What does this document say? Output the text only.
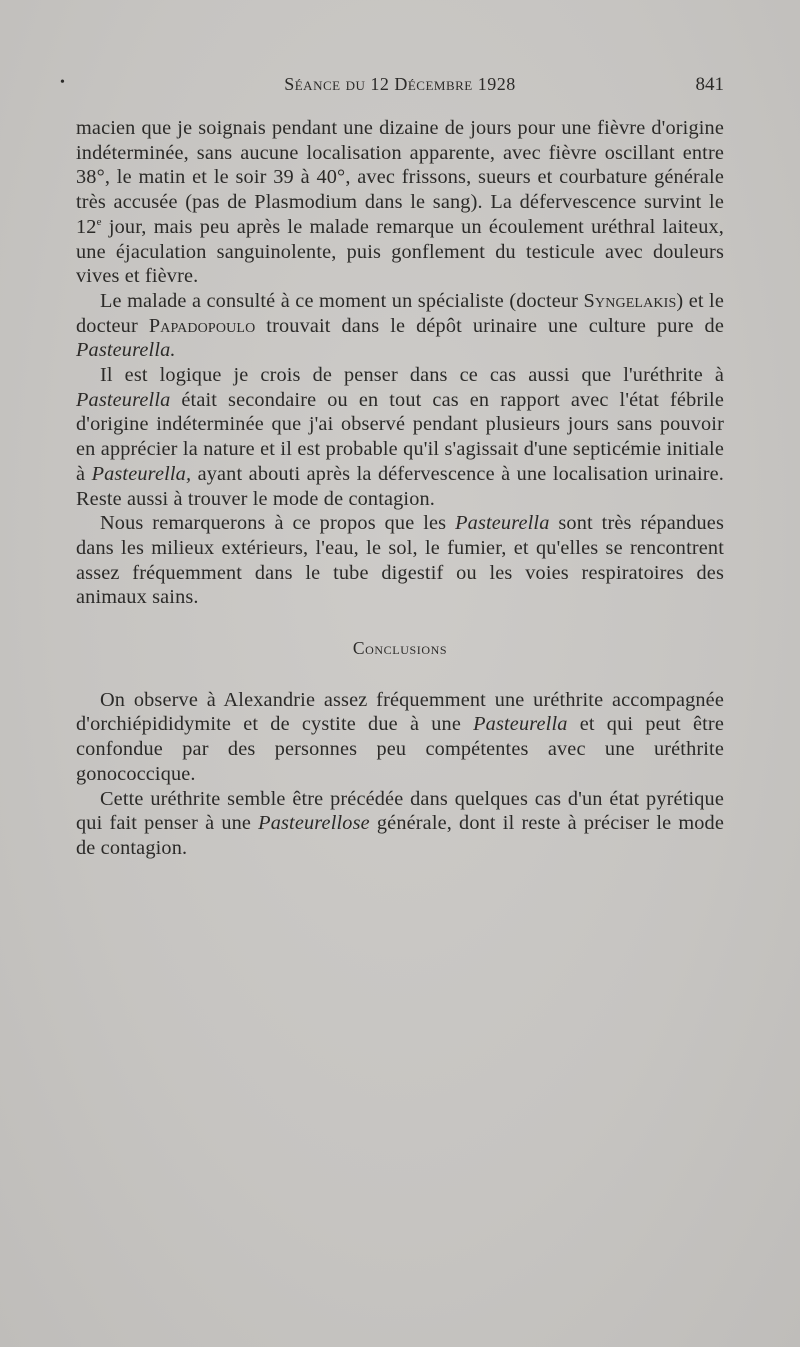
•	Séance du 12 Décembre 1928	841

macien que je soignais pendant une dizaine de jours pour une fièvre d'origine indéterminée, sans aucune localisation apparente, avec fièvre oscillant entre 38°, le matin et le soir 39 à 40°, avec frissons, sueurs et courbature générale très accusée (pas de Plasmodium dans le sang). La défervescence survint le 12e jour, mais peu après le malade remarque un écoulement uréthral laiteux, une éjaculation sanguinolente, puis gonflement du testicule avec douleurs vives et fièvre.

Le malade a consulté à ce moment un spécialiste (docteur Syngelakis) et le docteur Papadopoulo trouvait dans le dépôt urinaire une culture pure de Pasteurella.

Il est logique je crois de penser dans ce cas aussi que l'uréthrite à Pasteurella était secondaire ou en tout cas en rapport avec l'état fébrile d'origine indéterminée que j'ai observé pendant plusieurs jours sans pouvoir en apprécier la nature et il est probable qu'il s'agissait d'une septicémie initiale à Pasteurella, ayant abouti après la défervescence à une localisation urinaire. Reste aussi à trouver le mode de contagion.

Nous remarquerons à ce propos que les Pasteurella sont très répandues dans les milieux extérieurs, l'eau, le sol, le fumier, et qu'elles se rencontrent assez fréquemment dans le tube digestif ou les voies respiratoires des animaux sains.

Conclusions

On observe à Alexandrie assez fréquemment une uréthrite accompagnée d'orchiépididymite et de cystite due à une Pasteurella et qui peut être confondue par des personnes peu compétentes avec une uréthrite gonococcique.

Cette uréthrite semble être précédée dans quelques cas d'un état pyrétique qui fait penser à une Pasteurellose générale, dont il reste à préciser le mode de contagion.
